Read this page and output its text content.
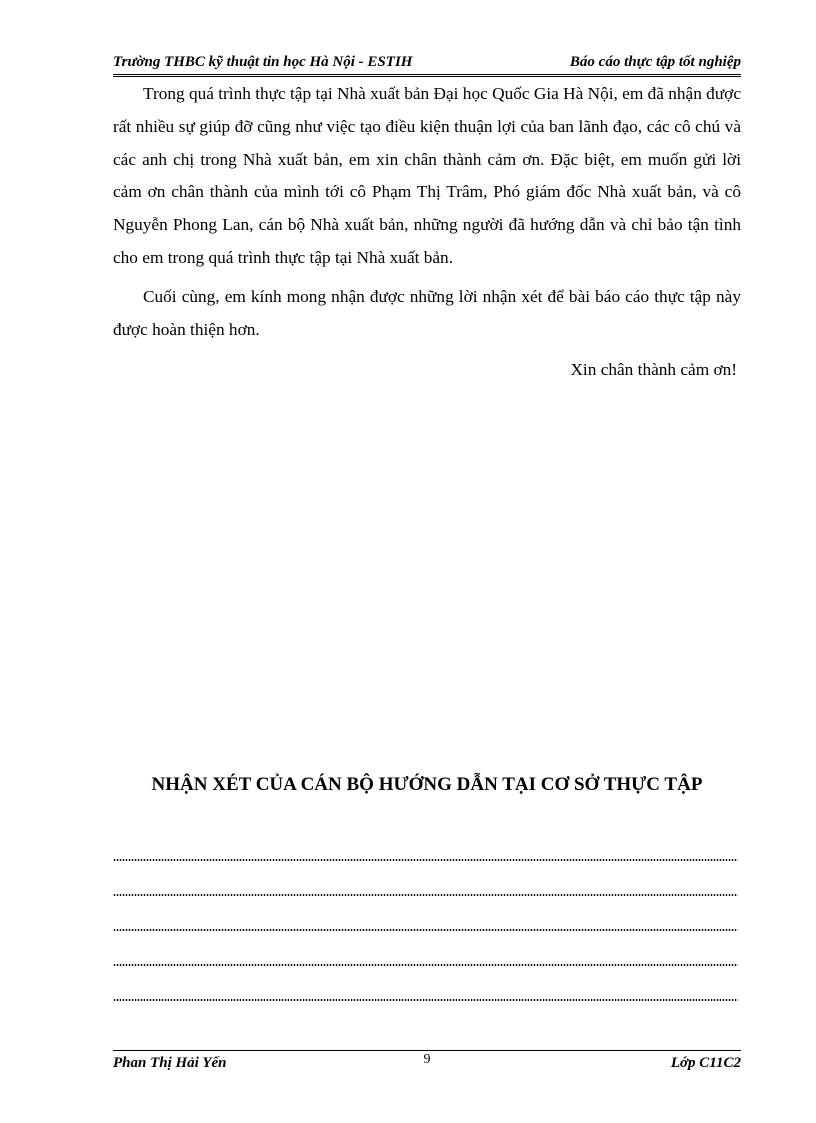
Trường THBC kỹ thuật tin học Hà Nội - ESTIH	Báo cáo thực tập tốt nghiệp

Trong quá trình thực tập tại Nhà xuất bản Đại học Quốc Gia Hà Nội, em đã nhận được rất nhiều sự giúp đỡ cũng như việc tạo điều kiện thuận lợi của ban lãnh đạo, các cô chú và các anh chị trong Nhà xuất bản, em xin chân thành cảm ơn. Đặc biệt, em muốn gửi lời cảm ơn chân thành của mình tới cô Phạm Thị Trâm, Phó giám đốc Nhà xuất bản, và cô Nguyễn Phong Lan, cán bộ Nhà xuất bản, những người đã hướng dẫn và chỉ bảo tận tình cho em trong quá trình thực tập tại Nhà xuất bản.

Cuối cùng, em kính mong nhận được những lời nhận xét để bài báo cáo thực tập này được hoàn thiện hơn.

Xin chân thành cảm ơn!

NHẬN XÉT CỦA CÁN BỘ HƯỚNG DẪN TẠI CƠ SỞ THỰC TẬP
Phan Thị Hải Yến	9	Lớp C11C2
